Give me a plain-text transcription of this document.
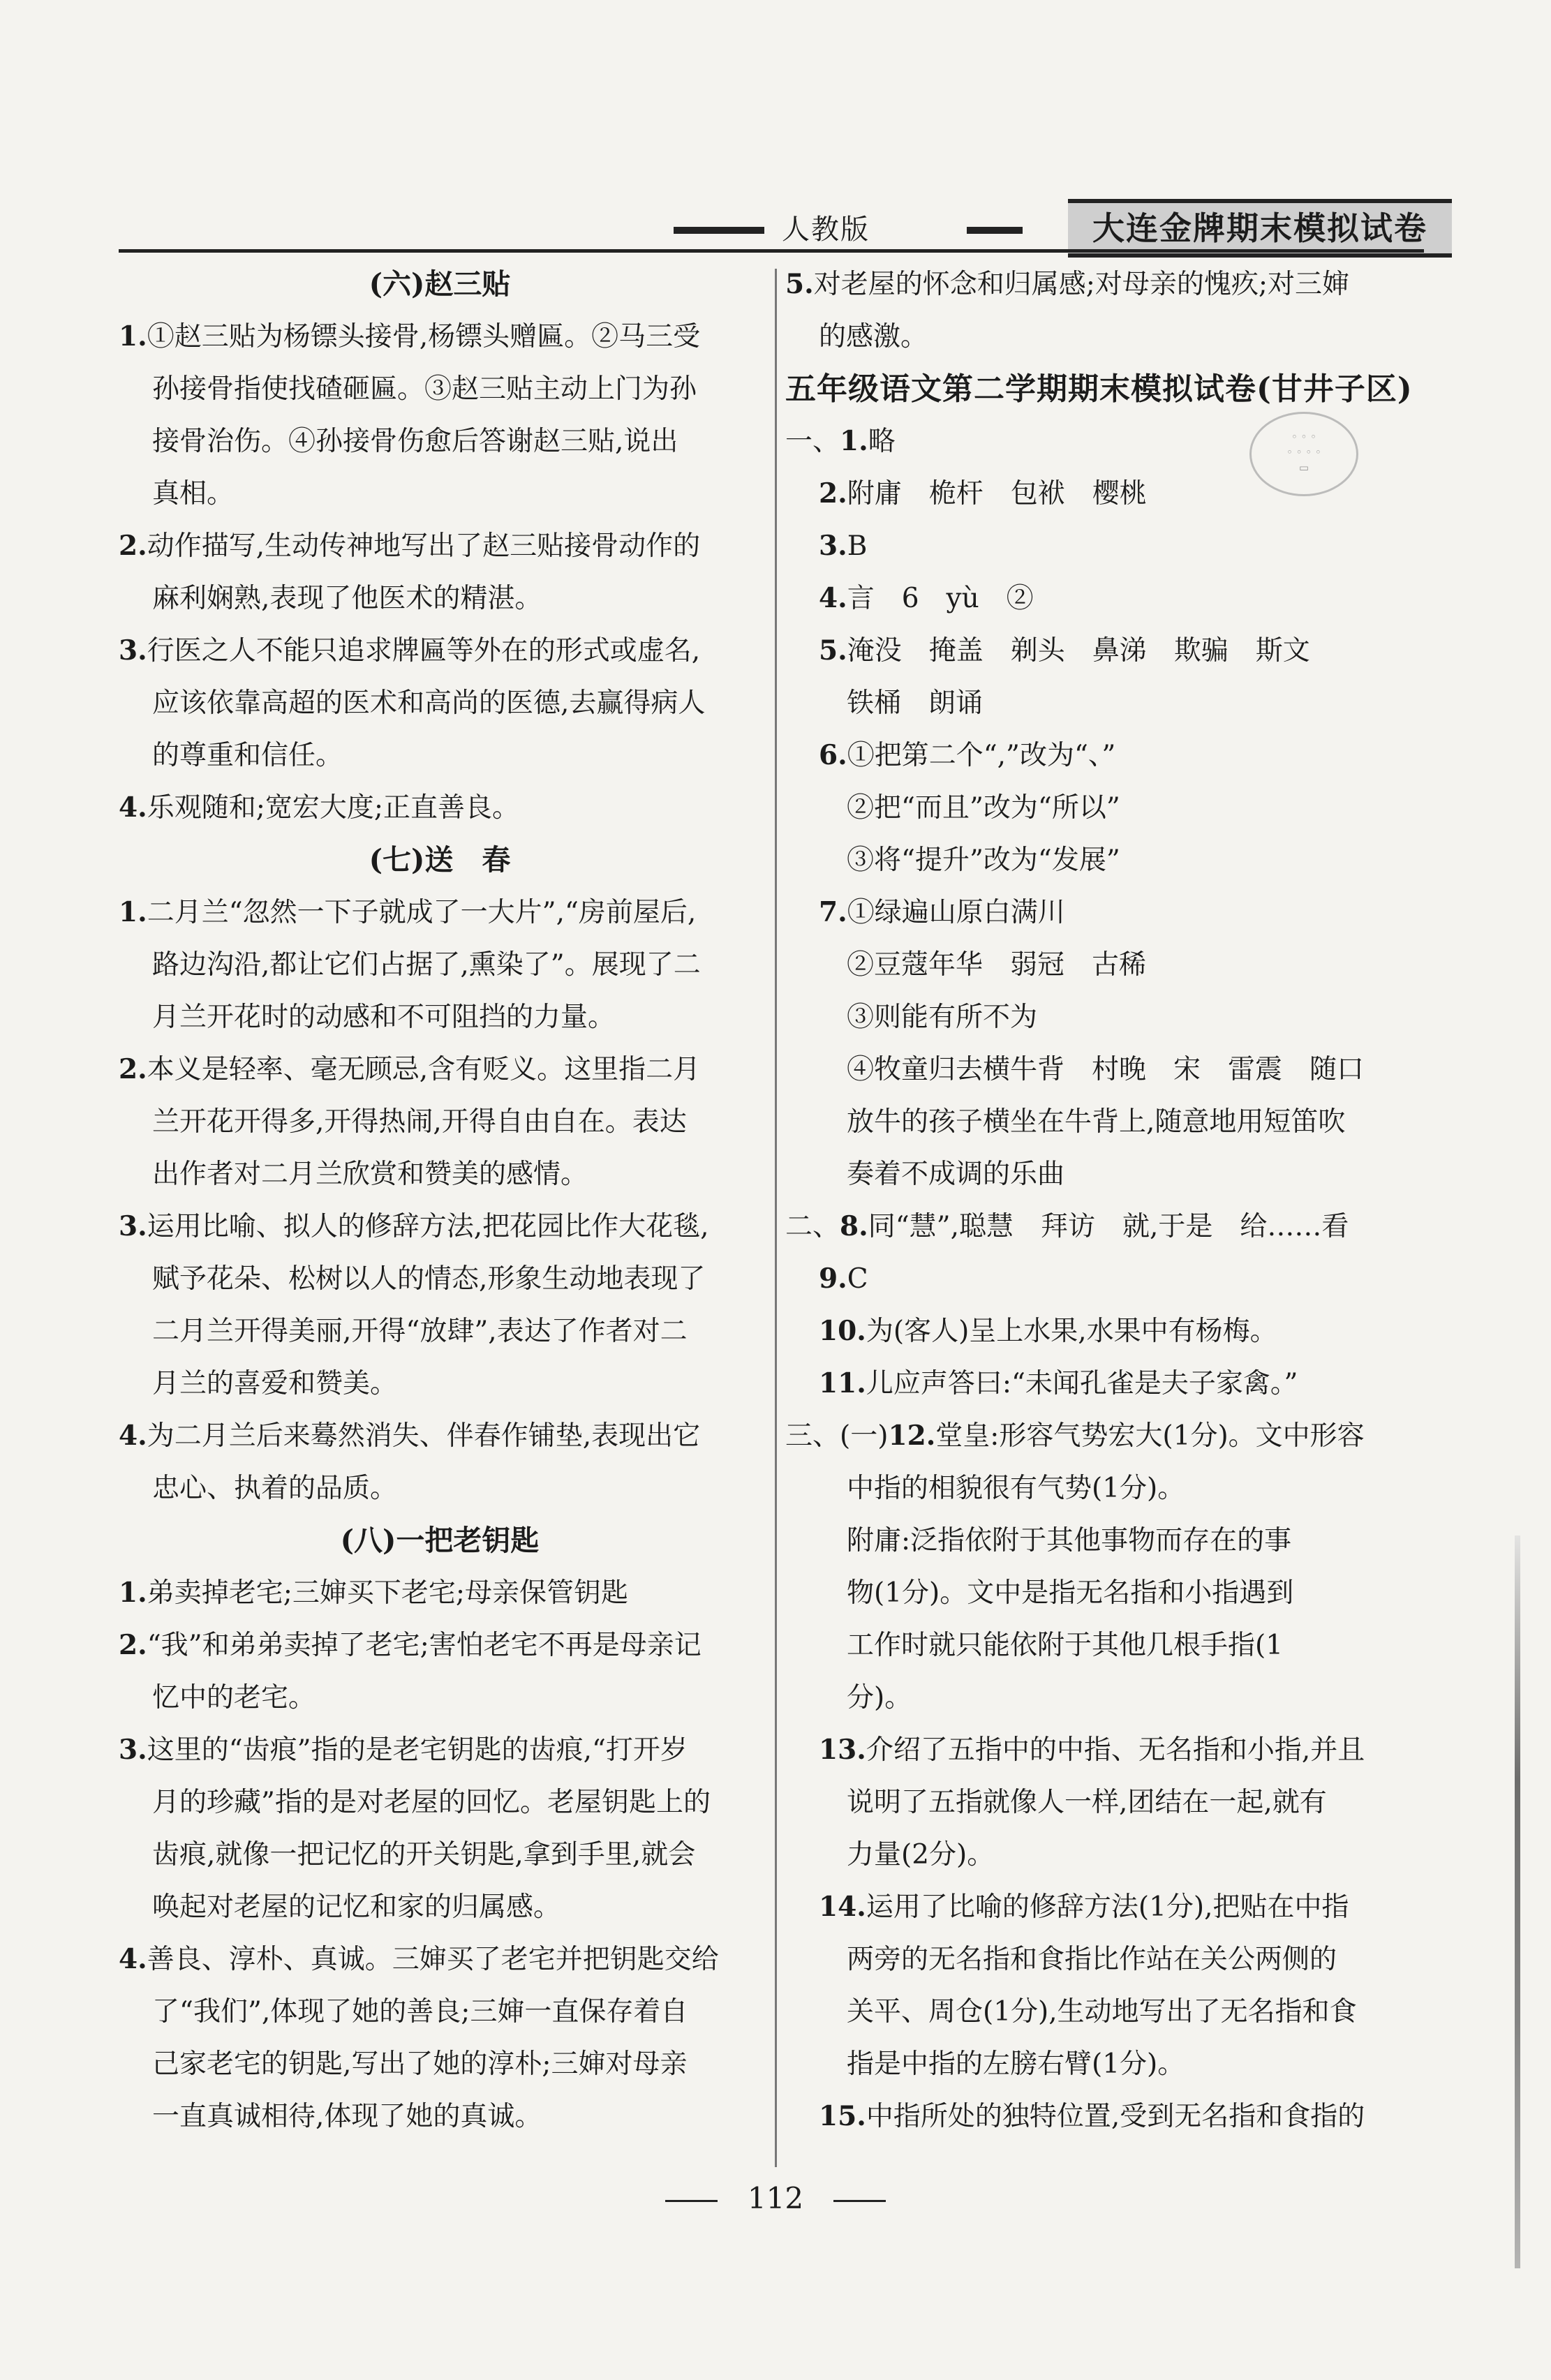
人教版	大连金牌期末模拟试卷
(六)赵三贴
1.①赵三贴为杨镖头接骨,杨镖头赠匾。②马三受
孙接骨指使找碴砸匾。③赵三贴主动上门为孙
接骨治伤。④孙接骨伤愈后答谢赵三贴,说出
真相。
2.动作描写,生动传神地写出了赵三贴接骨动作的
麻利娴熟,表现了他医术的精湛。
3.行医之人不能只追求牌匾等外在的形式或虚名,
应该依靠高超的医术和高尚的医德,去赢得病人
的尊重和信任。
4.乐观随和;宽宏大度;正直善良。
(七)送　春
1.二月兰“忽然一下子就成了一大片”,“房前屋后,
路边沟沿,都让它们占据了,熏染了”。展现了二
月兰开花时的动感和不可阻挡的力量。
2.本义是轻率、毫无顾忌,含有贬义。这里指二月
兰开花开得多,开得热闹,开得自由自在。表达
出作者对二月兰欣赏和赞美的感情。
3.运用比喻、拟人的修辞方法,把花园比作大花毯,
赋予花朵、松树以人的情态,形象生动地表现了
二月兰开得美丽,开得“放肆”,表达了作者对二
月兰的喜爱和赞美。
4.为二月兰后来蓦然消失、伴春作铺垫,表现出它
忠心、执着的品质。
(八)一把老钥匙
1.弟卖掉老宅;三婶买下老宅;母亲保管钥匙
2.“我”和弟弟卖掉了老宅;害怕老宅不再是母亲记
忆中的老宅。
3.这里的“齿痕”指的是老宅钥匙的齿痕,“打开岁
月的珍藏”指的是对老屋的回忆。老屋钥匙上的
齿痕,就像一把记忆的开关钥匙,拿到手里,就会
唤起对老屋的记忆和家的归属感。
4.善良、淳朴、真诚。三婶买了老宅并把钥匙交给
了“我们”,体现了她的善良;三婶一直保存着自
己家老宅的钥匙,写出了她的淳朴;三婶对母亲
一直真诚相待,体现了她的真诚。
5.对老屋的怀念和归属感;对母亲的愧疚;对三婶
的感激。
五年级语文第二学期期末模拟试卷(甘井子区)
一、1.略
2.附庸　桅杆　包袱　樱桃
3.B
4.言　6　yù　②
5.淹没　掩盖　剃头　鼻涕　欺骗　斯文
铁桶　朗诵
6.①把第二个“,”改为“、”
②把“而且”改为“所以”
③将“提升”改为“发展”
7.①绿遍山原白满川
②豆蔻年华　弱冠　古稀
③则能有所不为
④牧童归去横牛背　村晚　宋　雷震　随口
放牛的孩子横坐在牛背上,随意地用短笛吹
奏着不成调的乐曲
二、8.同“慧”,聪慧　拜访　就,于是　给……看
9.C
10.为(客人)呈上水果,水果中有杨梅。
11.儿应声答曰:“未闻孔雀是夫子家禽。”
三、(一)12.堂皇:形容气势宏大(1分)。文中形容
中指的相貌很有气势(1分)。
附庸:泛指依附于其他事物而存在的事
物(1分)。文中是指无名指和小指遇到
工作时就只能依附于其他几根手指(1
分)。
13.介绍了五指中的中指、无名指和小指,并且
说明了五指就像人一样,团结在一起,就有
力量(2分)。
14.运用了比喻的修辞方法(1分),把贴在中指
两旁的无名指和食指比作站在关公两侧的
关平、周仓(1分),生动地写出了无名指和食
指是中指的左膀右臂(1分)。
15.中指所处的独特位置,受到无名指和食指的
◦ ◦ ◦
◦ ◦ ◦ ◦
▭
112
